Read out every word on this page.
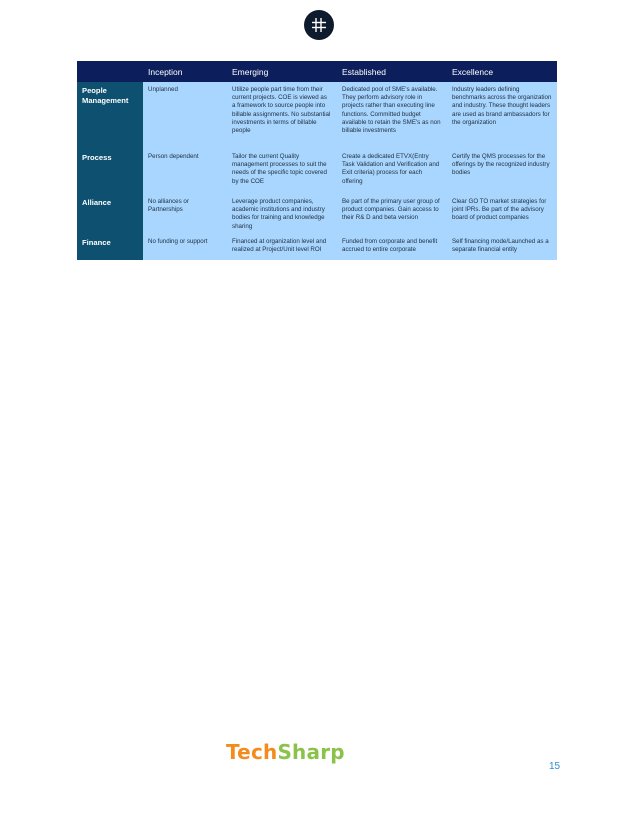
	Inception	Emerging	Established	Excellence
People Management	Unplanned	Utilize people part time from their current projects. COE is viewed as a framework to source people into billable assignments. No substantial investments in terms of billable people	Dedicated pool of SME's available. They perform advisory role in projects rather than executing line functions. Committed budget available to retain the SME's as non billable investments	Industry leaders defining benchmarks across the organization and industry. These thought leaders are used as brand ambassadors for the organization
Process	Person dependent	Tailor the current Quality management processes to suit the needs of the specific topic covered by the COE	Create a dedicated ETVX(Entry Task Validation and Verification and Exit criteria) process for each offering	Certify the QMS processes for the offerings by the recognized industry bodies
Alliance	No alliances or Partnerships	Leverage product companies, academic institutions and industry bodies for training and knowledge sharing	Be part of the primary user group of product companies. Gain access to their R& D and beta version	Clear GO TO market strategies for joint IPRs. Be part of the advisory board of product companies
Finance	No funding or support	Financed at organization level and realized at Project/Unit level ROI	Funded from corporate and benefit accrued to entire corporate	Self financing mode/Launched as a separate financial entity
TechSharp
15
